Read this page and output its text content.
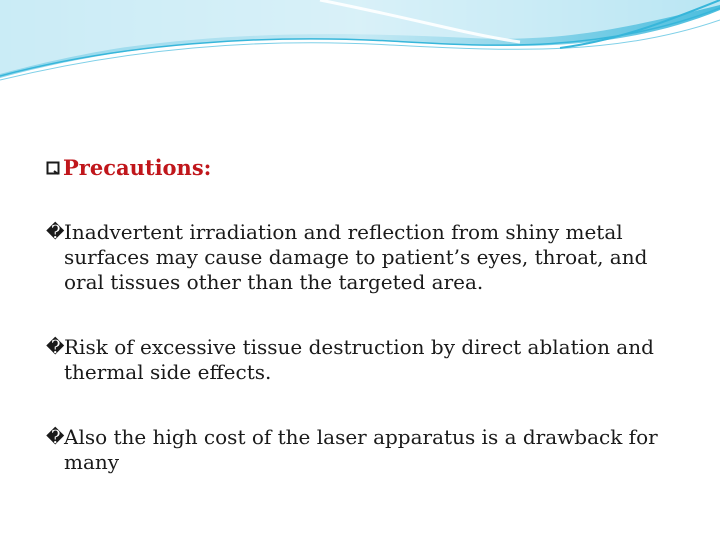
Precautions:
� Inadvertent irradiation and reflection from shiny metal surfaces may cause damage to patient’s eyes, throat, and oral tissues other than the targeted area.
� Risk of excessive tissue destruction by direct ablation and thermal side effects.
� Also the high cost of the laser apparatus is a drawback for many
